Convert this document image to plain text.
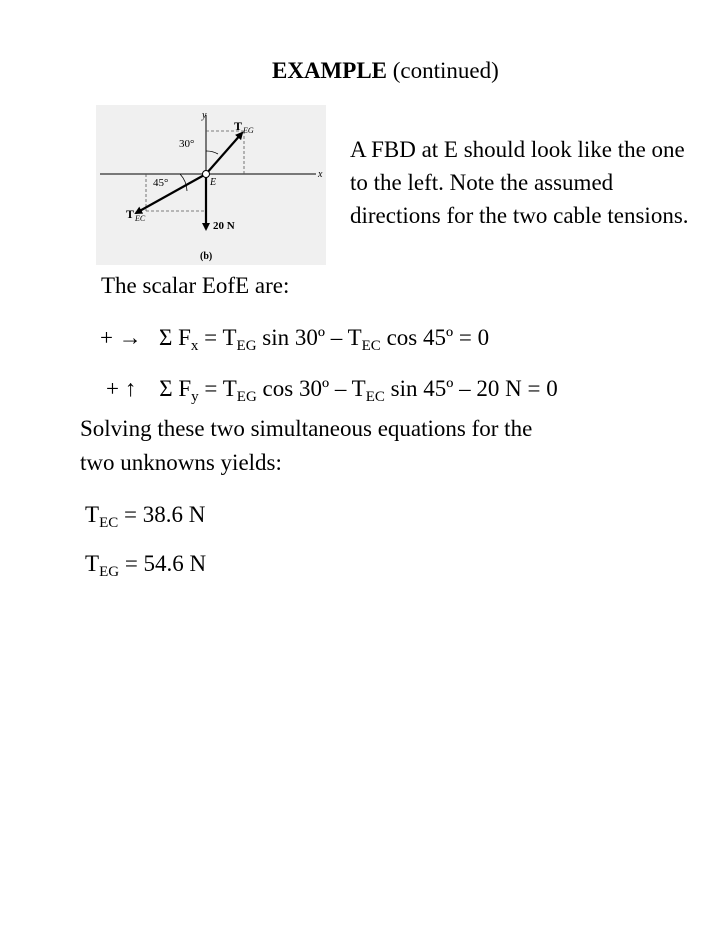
EXAMPLE (continued)
y
x
30°
45°	E
T EG
T EC
20 N
(b)
A FBD at E should look like the one
to the left. Note the assumed
directions for the two cable tensions.
The scalar EofE are:
+ → Σ $F_x = T_{EG}$ sin 30º – $T_{EC}$ cos 45º = 0
+ ↑ Σ $F_y = T_{EG}$ cos 30º – $T_{EC}$ sin 45º – 20 N = 0
Solving these two simultaneous equations for the
two unknowns yields:
$T_{EC} = 38.6$ N
$T_{EG} = 54.6$ N
